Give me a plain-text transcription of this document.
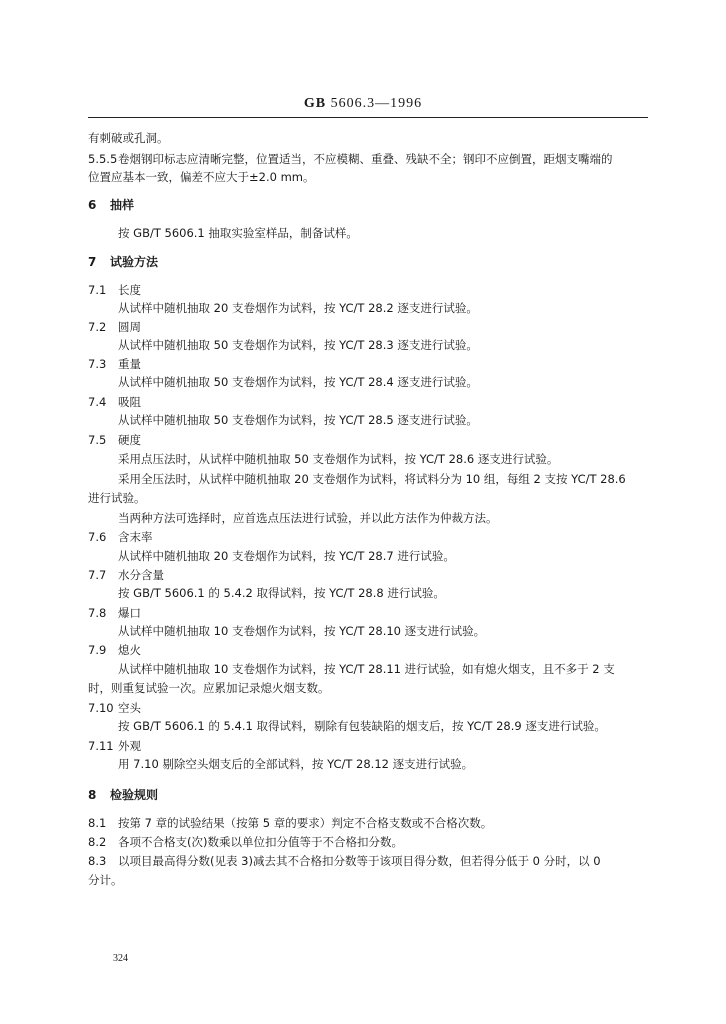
GB 5606.3—1996
有刺破或孔洞。
5.5.5卷烟钢印标志应清晰完整，位置适当，不应模糊、重叠、残缺不全；钢印不应倒置，距烟支嘴端的
位置应基本一致，偏差不应大于±2.0 mm。
6 抽样
按 GB/T 5606.1 抽取实验室样品，制备试样。
7 试验方法
7.1 长度
从试样中随机抽取 20 支卷烟作为试料，按 YC/T 28.2 逐支进行试验。
7.2 圆周
从试样中随机抽取 50 支卷烟作为试料，按 YC/T 28.3 逐支进行试验。
7.3 重量
从试样中随机抽取 50 支卷烟作为试料，按 YC/T 28.4 逐支进行试验。
7.4 吸阻
从试样中随机抽取 50 支卷烟作为试料，按 YC/T 28.5 逐支进行试验。
7.5 硬度
采用点压法时，从试样中随机抽取 50 支卷烟作为试料，按 YC/T 28.6 逐支进行试验。
采用全压法时，从试样中随机抽取 20 支卷烟作为试料，将试料分为 10 组，每组 2 支按 YC/T 28.6
进行试验。
当两种方法可选择时，应首选点压法进行试验，并以此方法作为仲裁方法。
7.6 含末率
从试样中随机抽取 20 支卷烟作为试料，按 YC/T 28.7 进行试验。
7.7 水分含量
按 GB/T 5606.1 的 5.4.2 取得试料，按 YC/T 28.8 进行试验。
7.8 爆口
从试样中随机抽取 10 支卷烟作为试料，按 YC/T 28.10 逐支进行试验。
7.9 熄火
从试样中随机抽取 10 支卷烟作为试料，按 YC/T 28.11 进行试验，如有熄火烟支，且不多于 2 支
时，则重复试验一次。应累加记录熄火烟支数。
7.10 空头
按 GB/T 5606.1 的 5.4.1 取得试料，剔除有包装缺陷的烟支后，按 YC/T 28.9 逐支进行试验。
7.11 外观
用 7.10 剔除空头烟支后的全部试料，按 YC/T 28.12 逐支进行试验。
8 检验规则
8.1 按第 7 章的试验结果（按第 5 章的要求）判定不合格支数或不合格次数。
8.2 各项不合格支(次)数乘以单位扣分值等于不合格扣分数。
8.3 以项目最高得分数(见表 3)减去其不合格扣分数等于该项目得分数，但若得分低于 0 分时，以 0
分计。
324
